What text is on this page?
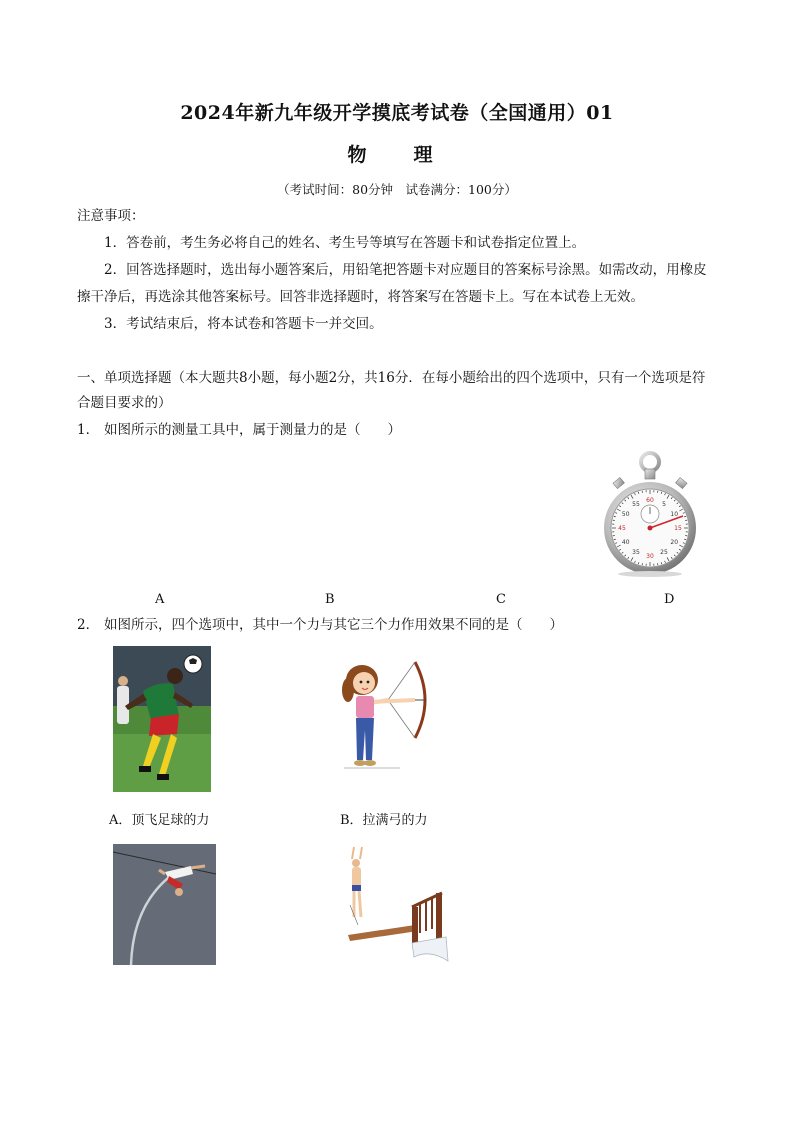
2024年新九年级开学摸底考试卷（全国通用）01
物　理
（考试时间：80分钟　试卷满分：100分）
注意事项：
1．答卷前，考生务必将自己的姓名、考生号等填写在答题卡和试卷指定位置上。
2．回答选择题时，选出每小题答案后，用铅笔把答题卡对应题目的答案标号涂黑。如需改动，用橡皮
擦干净后，再选涂其他答案标号。回答非选择题时，将答案写在答题卡上。写在本试卷上无效。
3．考试结束后，将本试卷和答题卡一并交回。
一、单项选择题（本大题共8小题，每小题2分，共16分．在每小题给出的四个选项中，只有一个选项是符
合题目要求的）
1． 如图所示的测量工具中，属于测量力的是（　　）
60
5
10
15
20
25
30
35
40
45
50
55
A	B	C	D
2． 如图所示，四个选项中，其中一个力与其它三个力作用效果不同的是（　　）
A．顶飞足球的力	B．拉满弓的力
